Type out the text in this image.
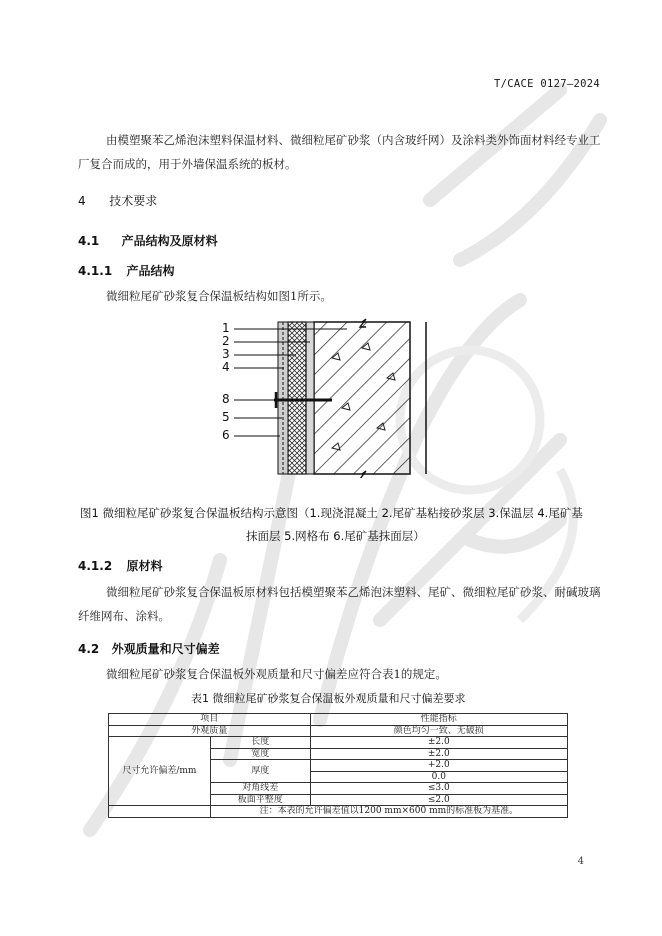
T/CACE 0127—2024
由模塑聚苯乙烯泡沫塑料保温材料、微细粒尾矿砂浆（内含玻纤网）及涂料类外饰面材料经专业工
厂复合而成的，用于外墙保温系统的板材。
4 技术要求
4.1 产品结构及原材料
4.1.1 产品结构
微细粒尾矿砂浆复合保温板结构如图1所示。
1
2
3
4
8
5
6
图1 微细粒尾矿砂浆复合保温板结构示意图（1.现浇混凝土 2.尾矿基粘接砂浆层 3.保温层 4.尾矿基
抹面层 5.网格布 6.尾矿基抹面层）
4.1.2 原材料
微细粒尾矿砂浆复合保温板原材料包括模塑聚苯乙烯泡沫塑料、尾矿、微细粒尾矿砂浆、耐碱玻璃
纤维网布、涂料。
4.2 外观质量和尺寸偏差
微细粒尾矿砂浆复合保温板外观质量和尺寸偏差应符合表1的规定。
表1 微细粒尾矿砂浆复合保温板外观质量和尺寸偏差要求
项目		性能指标
外观质量		颜色均匀一致、无破损
尺寸允许偏差/mm	长度	±2.0
	宽度	±2.0
	厚度	+2.0
		0.0
	对角线差	≤3.0
	板面平整度	≤2.0
	注：本表的允许偏差值以1200 mm×600 mm的标准板为基准。	
4
